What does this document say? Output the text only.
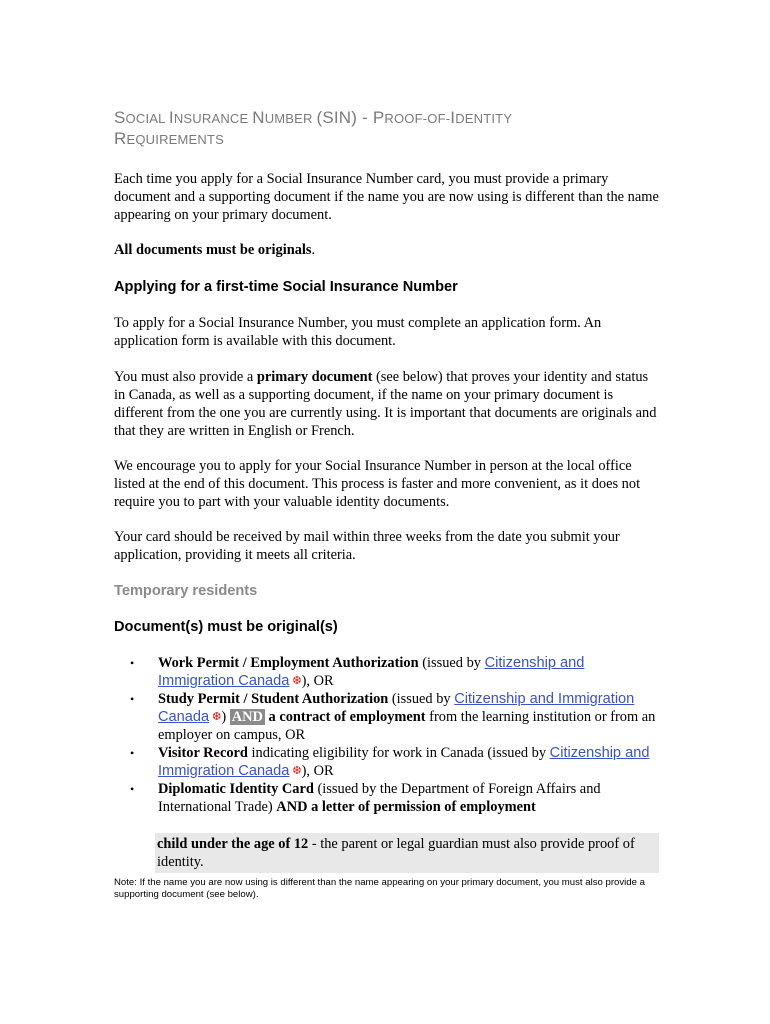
SOCIAL INSURANCE NUMBER (SIN) - PROOF-OF-IDENTITY
REQUIREMENTS

Each time you apply for a Social Insurance Number card, you must provide a primary document and a supporting document if the name you are now using is different than the name appearing on your primary document.

All documents must be originals.

Applying for a first-time Social Insurance Number

To apply for a Social Insurance Number, you must complete an application form. An application form is available with this document.

You must also provide a primary document (see below) that proves your identity and status in Canada, as well as a supporting document, if the name on your primary document is different from the one you are currently using. It is important that documents are originals and that they are written in English or French.

We encourage you to apply for your Social Insurance Number in person at the local office listed at the end of this document. This process is faster and more convenient, as it does not require you to part with your valuable identity documents.

Your card should be received by mail within three weeks from the date you submit your application, providing it meets all criteria.

Temporary residents
Document(s) must be original(s)
• Work Permit / Employment Authorization (issued by Citizenship and Immigration Canada ❆), OR
• Study Permit / Student Authorization (issued by Citizenship and Immigration Canada ❆) AND a contract of employment from the learning institution or from an employer on campus, OR
• Visitor Record indicating eligibility for work in Canada (issued by Citizenship and Immigration Canada ❆), OR
• Diplomatic Identity Card (issued by the Department of Foreign Affairs and International Trade) AND a letter of permission of employment
child under the age of 12 - the parent or legal guardian must also provide proof of identity.
Note: If the name you are now using is different than the name appearing on your primary document, you must also provide a supporting document (see below).
